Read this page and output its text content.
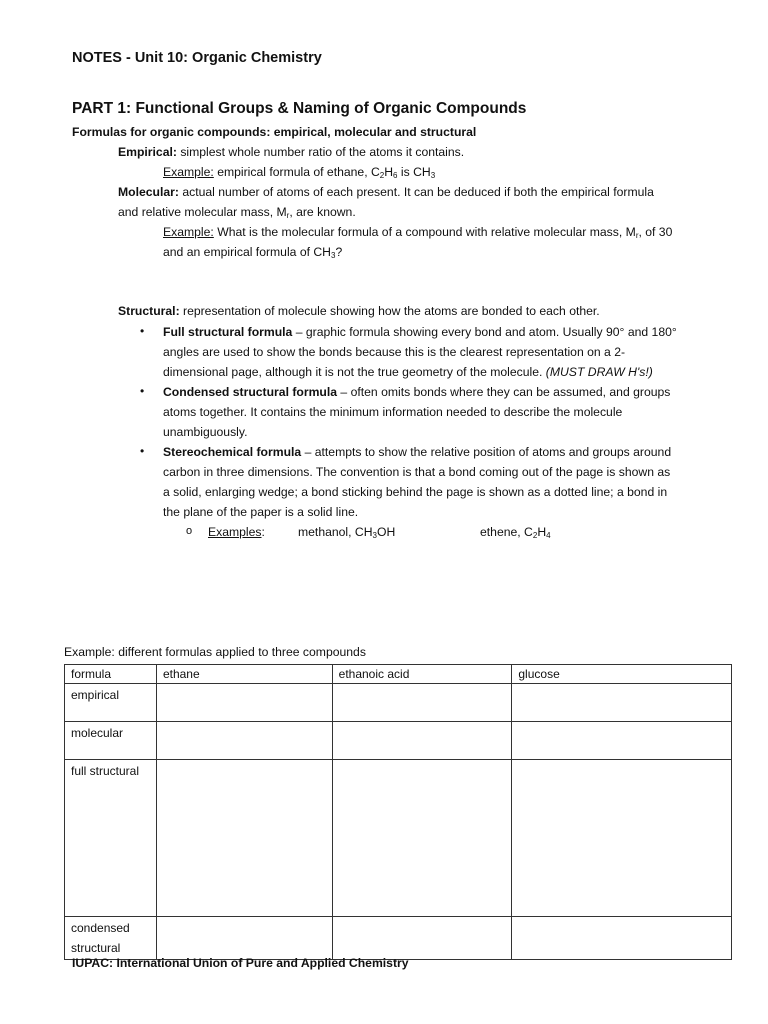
NOTES - Unit 10: Organic Chemistry
PART 1: Functional Groups & Naming of Organic Compounds
Formulas for organic compounds: empirical, molecular and structural
Empirical: simplest whole number ratio of the atoms it contains.
Example: empirical formula of ethane, $C_2H_6$ is $CH_3$
Molecular: actual number of atoms of each present. It can be deduced if both the empirical formula
and relative molecular mass, $M_r$, are known.
Example: What is the molecular formula of a compound with relative molecular mass, $M_r$, of 30
and an empirical formula of $CH_3$?
Structural: representation of molecule showing how the atoms are bonded to each other.
• Full structural formula – graphic formula showing every bond and atom. Usually 90° and 180°
angles are used to show the bonds because this is the clearest representation on a 2-
dimensional page, although it is not the true geometry of the molecule. (MUST DRAW H's!)
• Condensed structural formula – often omits bonds where they can be assumed, and groups
atoms together. It contains the minimum information needed to describe the molecule
unambiguously.
• Stereochemical formula – attempts to show the relative position of atoms and groups around
carbon in three dimensions. The convention is that a bond coming out of the page is shown as
a solid, enlarging wedge; a bond sticking behind the page is shown as a dotted line; a bond in
the plane of the paper is a solid line.
o Examples:	methanol, $CH_3OH$	ethene, $C_2H_4$
Example: different formulas applied to three compounds
formula	ethane	ethanoic acid	glucose
empirical			
molecular			
full structural			
condensed structural			
IUPAC: International Union of Pure and Applied Chemistry
